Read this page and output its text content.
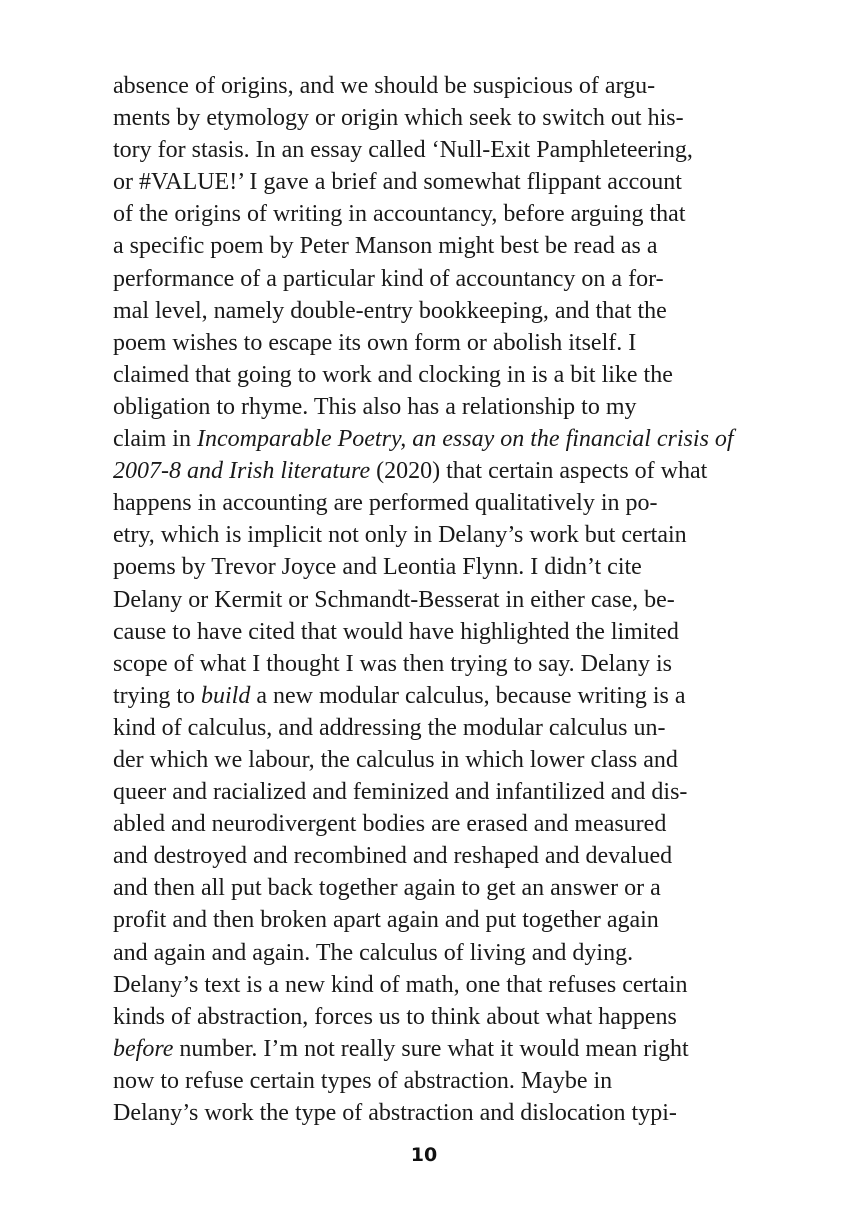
absence of origins, and we should be suspicious of argu-
ments by etymology or origin which seek to switch out his-
tory for stasis. In an essay called ‘Null-Exit Pamphleteering,
or #VALUE!’ I gave a brief and somewhat flippant account
of the origins of writing in accountancy, before arguing that
a specific poem by Peter Manson might best be read as a
performance of a particular kind of accountancy on a for-
mal level, namely double-entry bookkeeping, and that the
poem wishes to escape its own form or abolish itself. I
claimed that going to work and clocking in is a bit like the
obligation to rhyme. This also has a relationship to my
claim in Incomparable Poetry, an essay on the financial crisis of
2007-8 and Irish literature (2020) that certain aspects of what
happens in accounting are performed qualitatively in po-
etry, which is implicit not only in Delany’s work but certain
poems by Trevor Joyce and Leontia Flynn. I didn’t cite
Delany or Kermit or Schmandt-Besserat in either case, be-
cause to have cited that would have highlighted the limited
scope of what I thought I was then trying to say. Delany is
trying to build a new modular calculus, because writing is a
kind of calculus, and addressing the modular calculus un-
der which we labour, the calculus in which lower class and
queer and racialized and feminized and infantilized and dis-
abled and neurodivergent bodies are erased and measured
and destroyed and recombined and reshaped and devalued
and then all put back together again to get an answer or a
profit and then broken apart again and put together again
and again and again. The calculus of living and dying.
Delany’s text is a new kind of math, one that refuses certain
kinds of abstraction, forces us to think about what happens
before number. I’m not really sure what it would mean right
now to refuse certain types of abstraction. Maybe in
Delany’s work the type of abstraction and dislocation typi-
10
